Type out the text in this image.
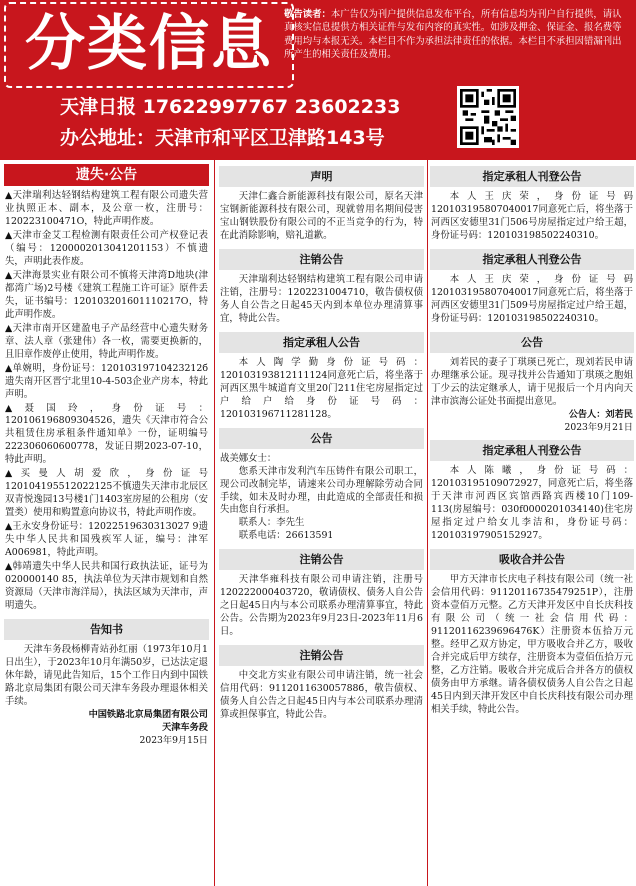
分类信息	敬告读者：本广告仅为刊户提供信息发布平台，所有信息均为刊户自行提供，请认真核实信息提供方相关证件与发布内容的真实性。如涉及押金、保证金、报名费等费用均与本报无关。本栏目不作为承担法律责任的依据。本栏目不承担因错漏刊出所产生的相关责任及费用。
天津日报 17622997767 23602233
办公地址：天津市和平区卫津路143号
遗失·公告
▲天津瑞利达轻钢结构建筑工程有限公司遗失营业执照正本、副本，及公章一枚，注册号：120223100471О，特此声明作废。
▲天津市金艾工程检测有限责任公司产权登记表（编号：120000201304120115З）不慎遗失，声明此表作废。
▲天津海景实业有限公司不慎将天津湾D地块(津都湾广场)2号楼《建筑工程施工许可证》原件丢失，证书编号：120103201601110217О，特此声明作废。
▲天津市南开区建盈电子产品经营中心遗失财务章、法人章（张建伟）各一枚，需要更换新的，且旧章作废停止使用，特此声明作废。
▲单婉明，身份证号：12010319710423212б遗失南开区晋宁北里10-4-503企业产房本，特此声明。
▲聂国玲，身份证号：120106196809304526，遗失《天津市符合公共租赁住房承租条件通知单》一份，证明编号222306060600778，发证日期2023-07-10，特此声明。
▲买曼人胡爱欣，身份证号120104195512022125不慎遗失天津市北辰区双青悦逸园13号楼1门1403室房屋的公租房（安置类）使用和购置意向协议书，特此声明作废。
▲王永安身份证号：12022519630313027 9遗失中华人民共和国残疾军人证，编号：津军A006981，特此声明。
▲韩靖遗失中华人民共和国行政执法证，证号为020000140 85，执法单位为天津市规划和自然资源局（天津市海洋局），执法区域为天津市，声明遗失。
告知书
天津车务段杨柳青站孙红丽（1973年10月1日出生），于2023年10月年满50岁，已达法定退休年龄，请见此告知后，15个工作日内到中国铁路北京局集团有限公司天津车务段办理退休相关手续。
中国铁路北京局集团有限公司
天津车务段
2023年9月15日
声明
天津仁鑫合新能源科技有限公司，原名天津宝钢新能源科技有限公司，现就曾用名期间侵害宝山钢铁股份有限公司的不正当竞争的行为，特在此消除影响，赔礼道歉。
注销公告
天津瑞利达轻钢结构建筑工程有限公司申请注销，注册号：1202231004710，敬告债权债务人自公告之日起45天内到本单位办理清算事宜，特此公告。
指定承租人公告
本人陶学勤身份证号码：120103193812111124同意死亡后，将坐落于河西区黑牛城道育文里20门211住宅房屋指定过户给户给身份证号码：120103196711281128。
公告
战美娜女士：
您系天津市发利汽车压铸件有限公司职工，现公司改制完毕，请速来公司办理解除劳动合同手续，如未及时办理，由此造成的全部责任和损失由您自行承担。
联系人：李先生
联系电话：26613591
注销公告
天津华雍科技有限公司申请注销，注册号120222000403720，敬请债权、债务人自公告之日起45日内与本公司联系办理清算事宜，特此公告。公告期为2023年9月23日-2023年11月6日。
注销公告
中交北方实业有限公司申请注销，统一社会信用代码：911201163005788б，敬告债权、债务人自公告之日起45日内与本公司联系办理清算或担保事宜，特此公告。
指定承租人刊登公告
本人王庆荣，身份证号码120103195807040017同意死亡后，将坐落于河西区安德里31门506号房屋指定过户给王超，身份证号码：120103198502240310。
指定承租人刊登公告
本人王庆荣，身份证号码120103195807040017同意死亡后，将坐落于河西区安德里31门509号房屋指定过户给王超，身份证号码：120103198502240310。
公告
刘若民的妻子丁琪瑛已死亡，现刘若民申请办理继承公证。现寻找并公告通知丁琪瑛之胞姐丁少云的法定继承人，请于见报后一个月内向天津市滨海公证处书面提出意见。
公告人：刘若民
2023年9月21日
指定承租人刊登公告
本人陈曦，身份证号码：120103195109072927，同意死亡后，将坐落于天津市河西区宾馆西路宾西楼10门109-113(房屋编号：030f0000201034140)住宅房屋指定过户给女儿李洁和，身份证号码：120103197905152927。
吸收合并公告
甲方天津市长庆电子科技有限公司（统一社会信用代码：91120116735479251P），注册资本壹佰万元整。乙方天津开发区中自长庆科技有限公司（统一社会信用代码：91120116239696476K）注册资本伍拾万元整。经甲乙双方协定，甲方吸收合并乙方，吸收合并完成后甲方续存，注册资本为壹佰伍拾万元整，乙方注销。吸收合并完成后合并各方的债权债务由甲方承继。请各债权债务人自公告之日起45日内到天津开发区中自长庆科技有限公司办理相关手续，特此公告。
